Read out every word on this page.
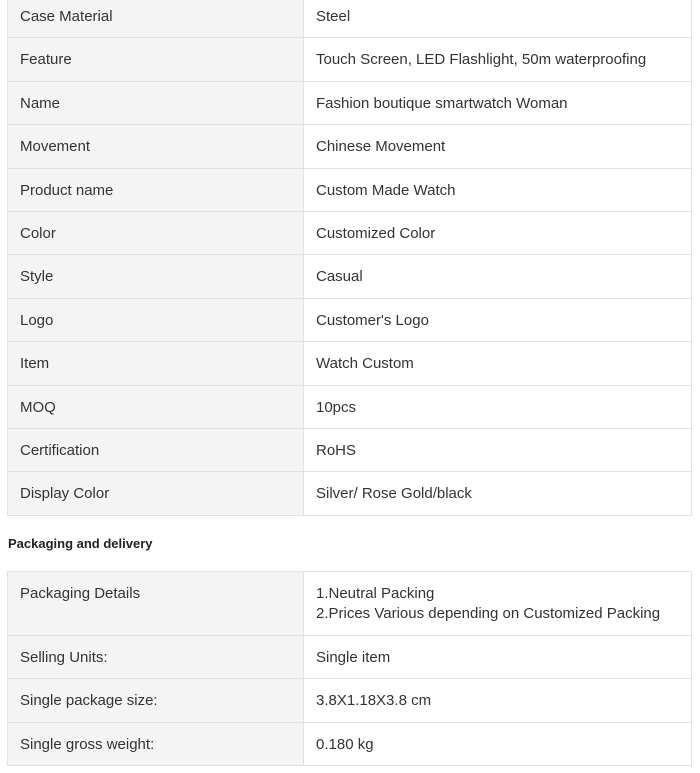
Case Material	Steel
Feature	Touch Screen, LED Flashlight, 50m waterproofing
Name	Fashion boutique smartwatch Woman
Movement	Chinese Movement
Product name	Custom Made Watch
Color	Customized Color
Style	Casual
Logo	Customer's Logo
Item	Watch Custom
MOQ	10pcs
Certification	RoHS
Display Color	Silver/ Rose Gold/black
Packaging and delivery
Packaging Details	1.Neutral Packing
2.Prices Various depending on Customized Packing

Selling Units:	Single item
Single package size:	3.8X1.18X3.8 cm
Single gross weight:	0.180 kg
